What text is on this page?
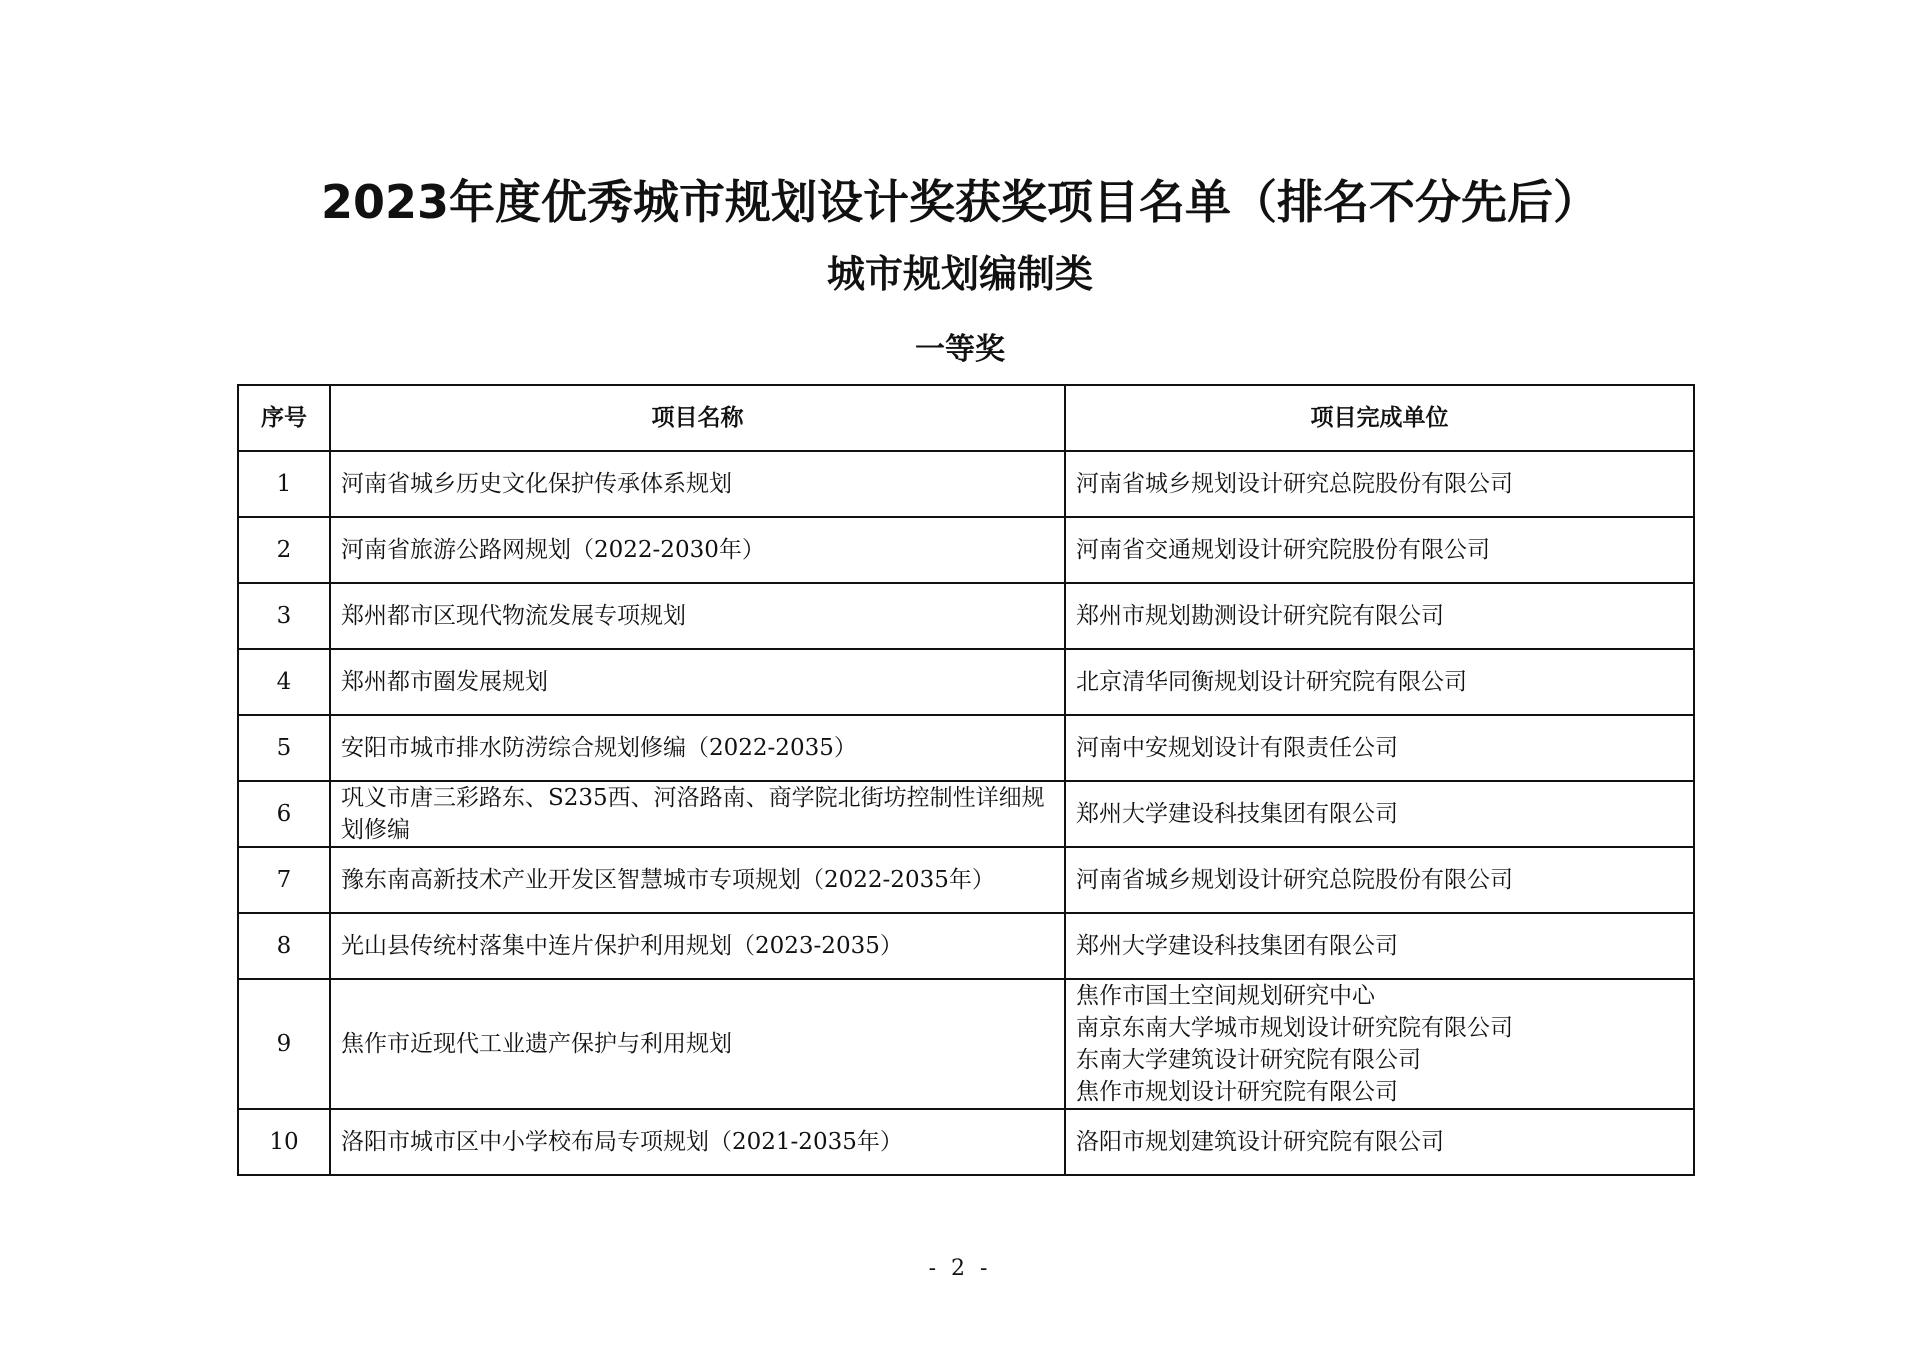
2023年度优秀城市规划设计奖获奖项目名单（排名不分先后）
城市规划编制类
一等奖
序号	项目名称	项目完成单位
1	河南省城乡历史文化保护传承体系规划	河南省城乡规划设计研究总院股份有限公司

2	河南省旅游公路网规划（2022-2030年）	河南省交通规划设计研究院股份有限公司

3	郑州都市区现代物流发展专项规划	郑州市规划勘测设计研究院有限公司

4	郑州都市圈发展规划	北京清华同衡规划设计研究院有限公司

5	安阳市城市排水防涝综合规划修编（2022-2035）	河南中安规划设计有限责任公司

6	巩义市唐三彩路东、S235西、河洛路南、商学院北街坊控制性详细规划修编	郑州大学建设科技集团有限公司

7	豫东南高新技术产业开发区智慧城市专项规划（2022-2035年）	河南省城乡规划设计研究总院股份有限公司

8	光山县传统村落集中连片保护利用规划（2023-2035）	郑州大学建设科技集团有限公司

9	焦作市近现代工业遗产保护与利用规划	焦作市国土空间规划研究中心
南京东南大学城市规划设计研究院有限公司
东南大学建筑设计研究院有限公司
焦作市规划设计研究院有限公司

10	洛阳市城市区中小学校布局专项规划（2021-2035年）	洛阳市规划建筑设计研究院有限公司
- 2 -
